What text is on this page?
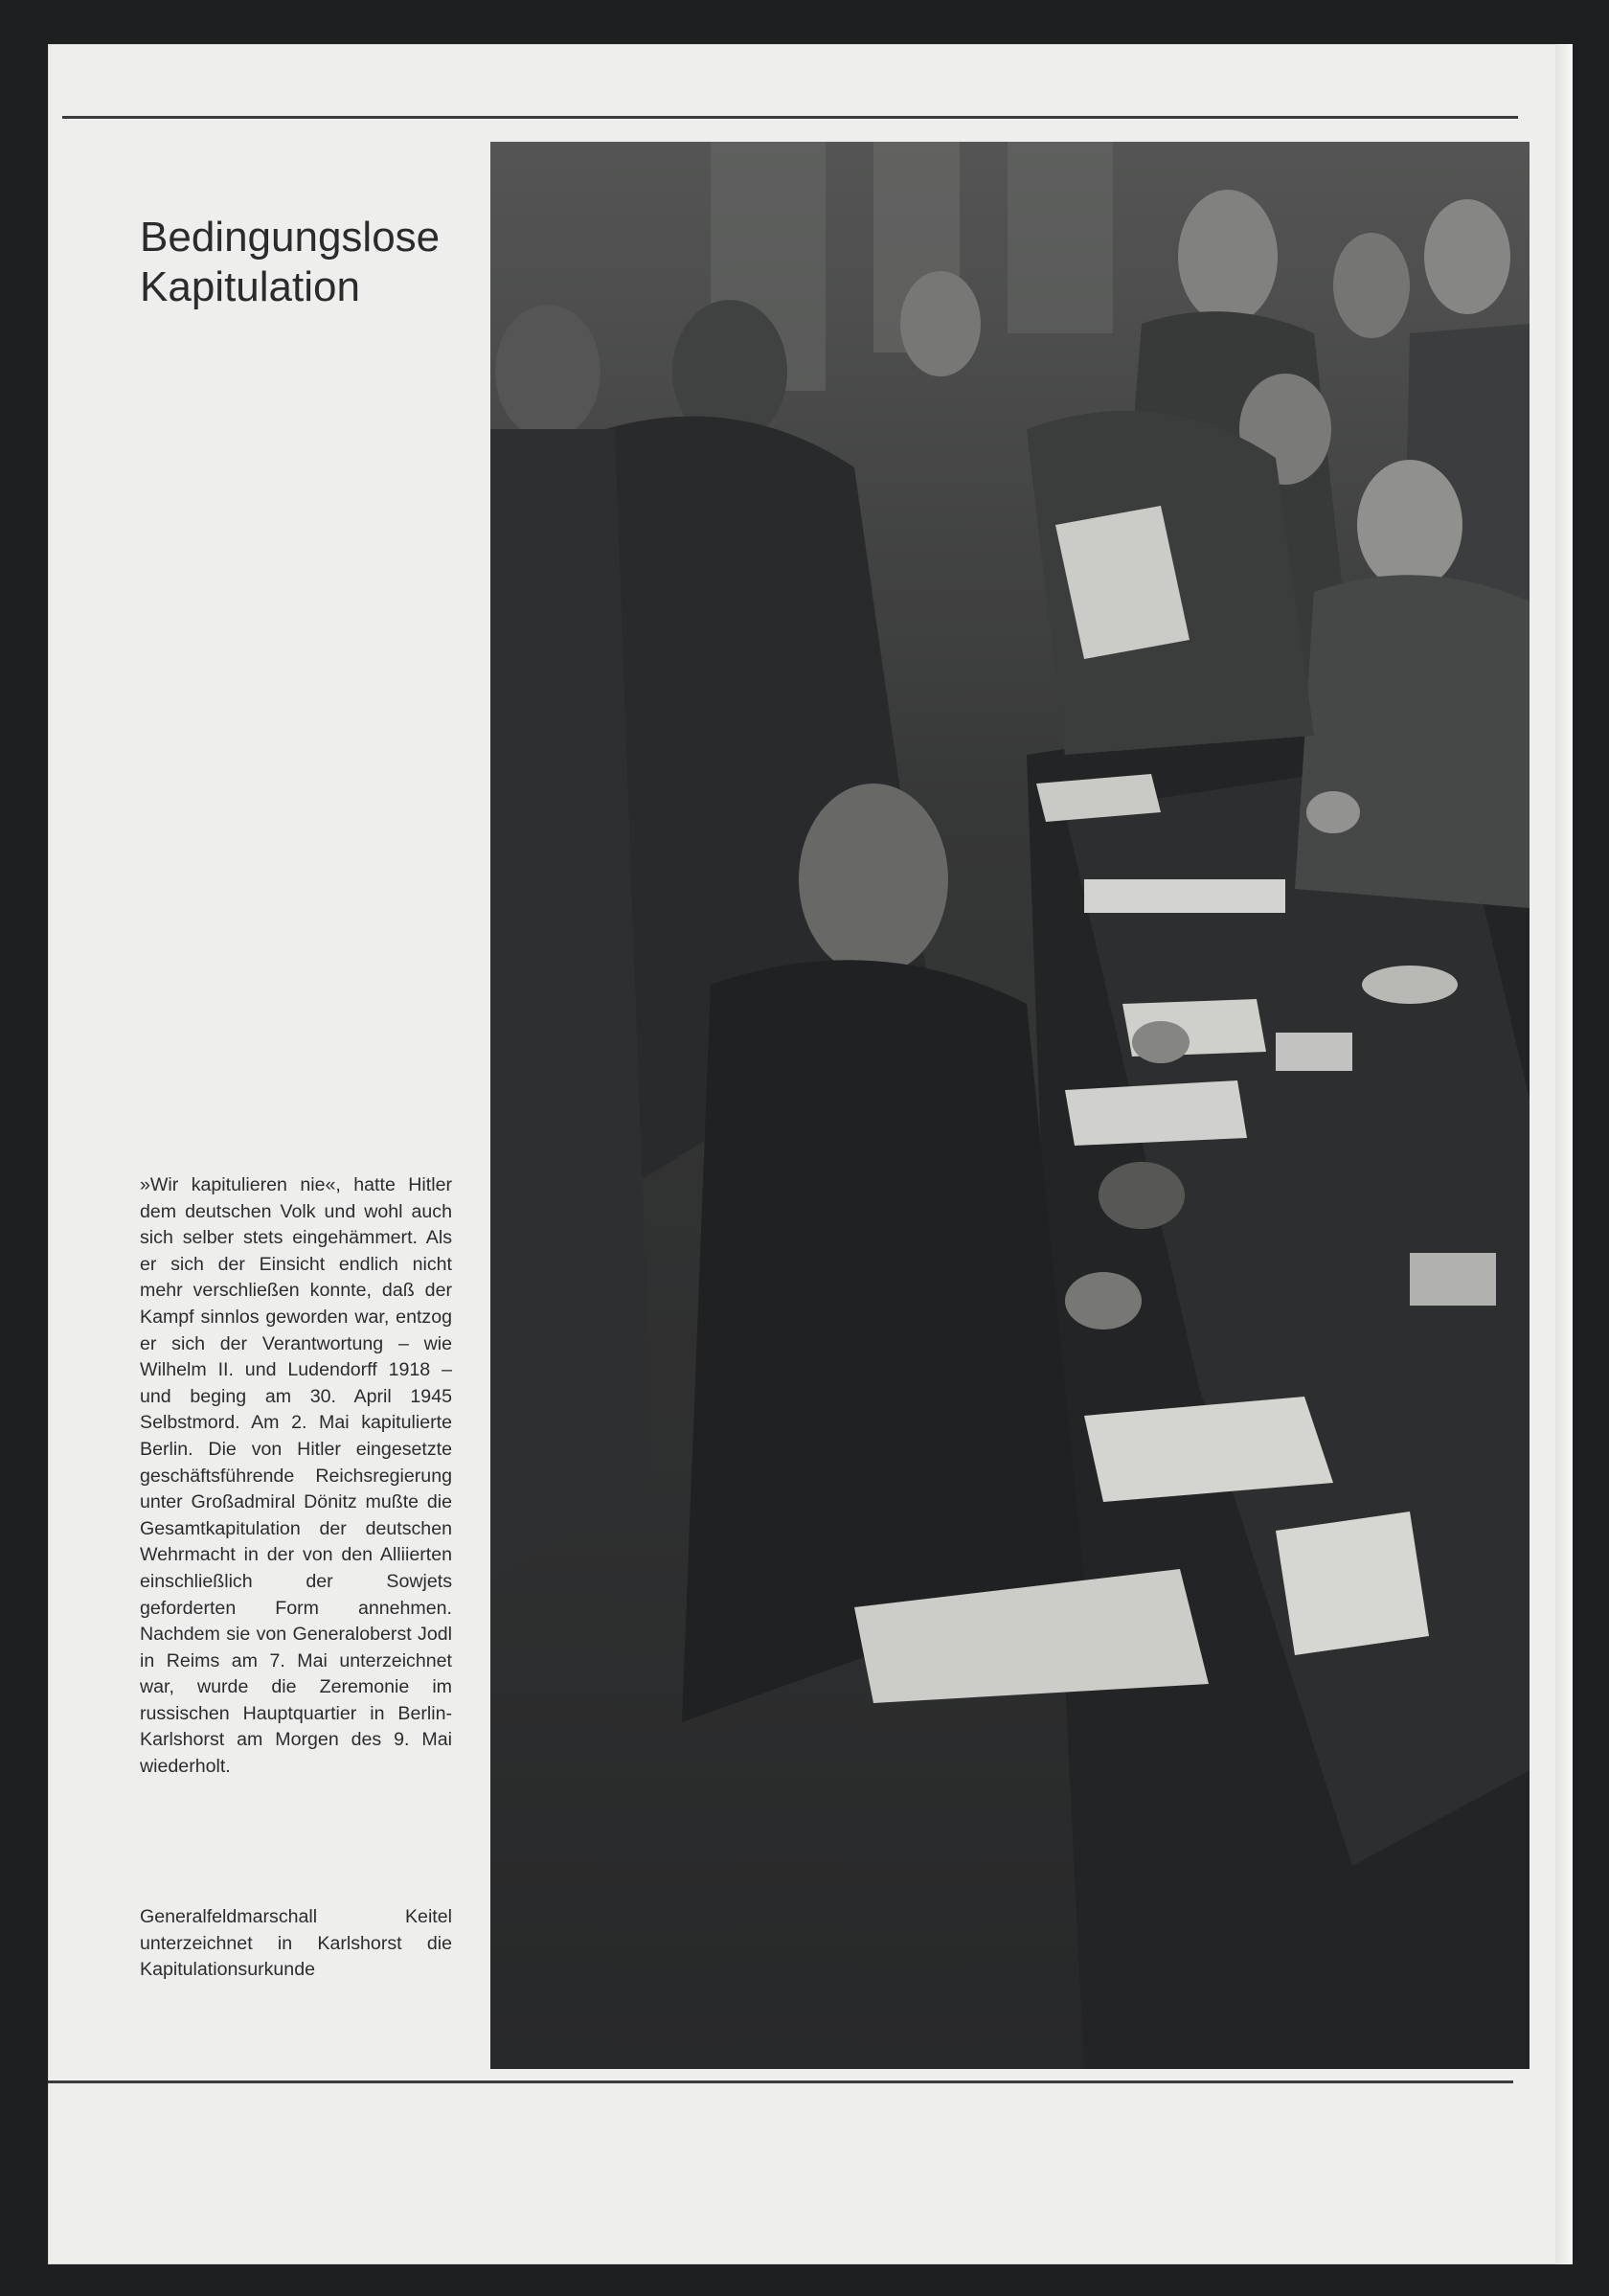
Bedingungslose
Kapitulation

»Wir kapitulieren nie«, hatte Hitler dem deutschen Volk und wohl auch sich selber stets eingehämmert. Als er sich der Einsicht endlich nicht mehr verschließen konnte, daß der Kampf sinnlos geworden war, entzog er sich der Verantwortung – wie Wilhelm II. und Ludendorff 1918 – und beging am 30. April 1945 Selbstmord. Am 2. Mai kapitulierte Berlin. Die von Hitler eingesetzte geschäftsführende Reichsregierung unter Großadmiral Dönitz mußte die Gesamtkapitulation der deutschen Wehrmacht in der von den Alliierten einschließlich der Sowjets geforderten Form annehmen. Nachdem sie von Generaloberst Jodl in Reims am 7. Mai unterzeichnet war, wurde die Zeremonie im russischen Hauptquartier in Berlin-Karlshorst am Morgen des 9. Mai wiederholt.

Generalfeldmarschall Keitel unterzeichnet in Karlshorst die Kapitulationsurkunde
